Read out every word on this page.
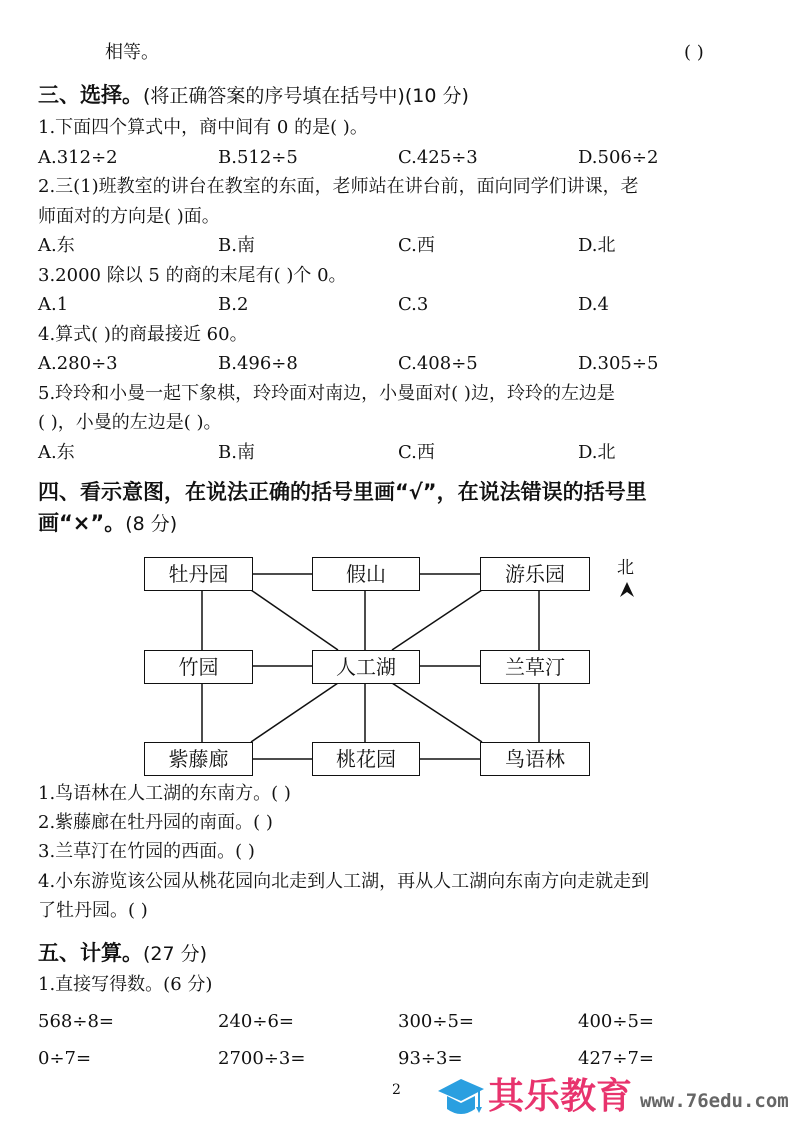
相等。	( )
三、选择。(将正确答案的序号填在括号中)(10 分)
四、看示意图，在说法正确的括号里画“√”，在说法错误的括号里
画“×”。(8 分)
牡丹园	假山	游乐园
竹园	人工湖	兰草汀
紫藤廊	桃花园	鸟语林
北
五、计算。(27 分)
1.直接写得数。(6 分)
2 其乐教育 www.76edu.com
1.下面四个算式中，商中间有 0 的是( )。
A.312÷2	B.512÷5	C.425÷3	D.506÷2
2.三(1)班教室的讲台在教室的东面，老师站在讲台前，面向同学们讲课，老
师面对的方向是( )面。
A.东	B.南	C.西	D.北
3.2000 除以 5 的商的末尾有( )个 0。
A.1	B.2	C.3	D.4
4.算式( )的商最接近 60。
A.280÷3	B.496÷8	C.408÷5	D.305÷5
5.玲玲和小曼一起下象棋，玲玲面对南边，小曼面对( )边，玲玲的左边是
( )，小曼的左边是( )。
A.东	B.南	C.西	D.北
1.鸟语林在人工湖的东南方。( )
2.紫藤廊在牡丹园的南面。( )
3.兰草汀在竹园的西面。( )
4.小东游览该公园从桃花园向北走到人工湖，再从人工湖向东南方向走就走到
了牡丹园。( )
568÷8=	240÷6=	300÷5=	400÷5=
0÷7=	2700÷3=	93÷3=	427÷7=
